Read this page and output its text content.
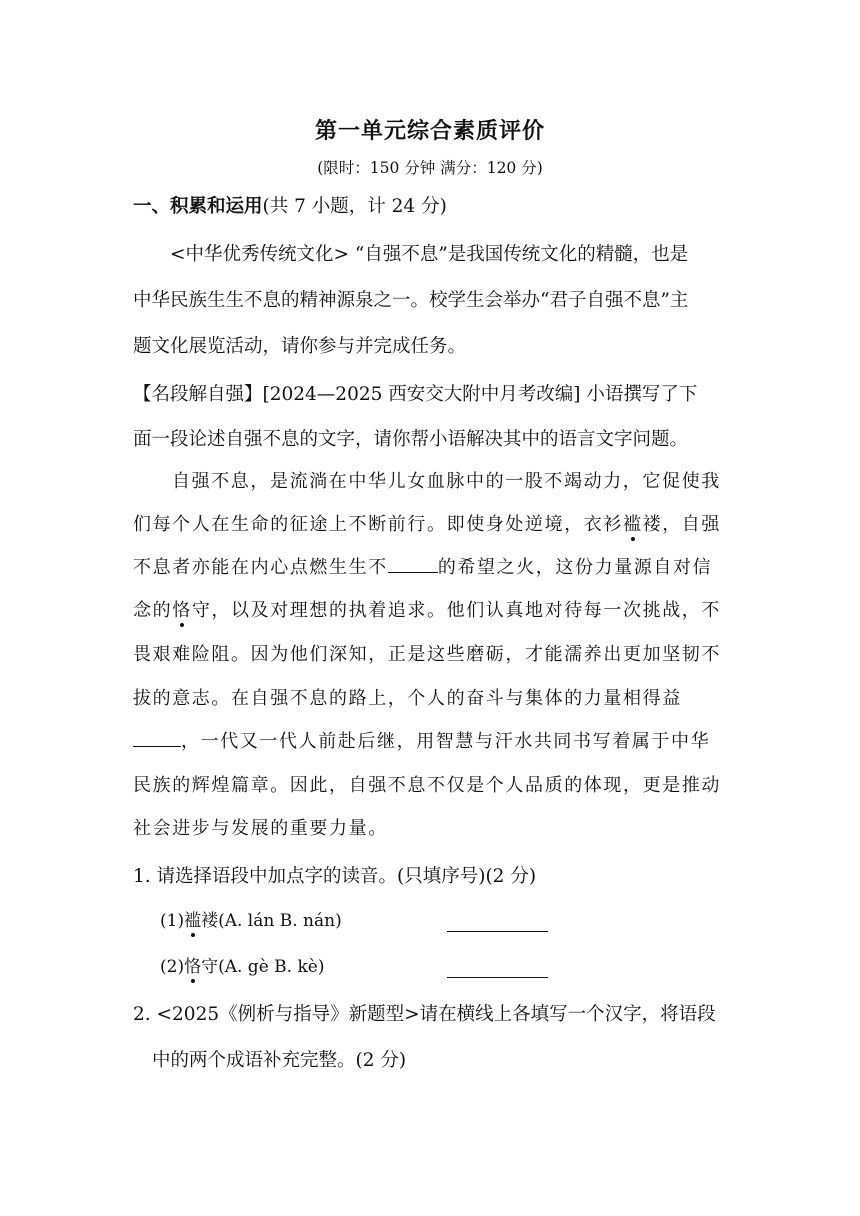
第一单元综合素质评价
(限时：150 分钟 满分：120 分)
一、积累和运用(共 7 小题，计 24 分)
<中华优秀传统文化> “自强不息”是我国传统文化的精髓，也是
中华民族生生不息的精神源泉之一。校学生会举办“君子自强不息”主
题文化展览活动，请你参与并完成任务。
【名段解自强】[2024—2025 西安交大附中月考改编] 小语撰写了下
面一段论述自强不息的文字，请你帮小语解决其中的语言文字问题。
自强不息，是流淌在中华儿女血脉中的一股不竭动力，它促使我
们每个人在生命的征途上不断前行。即使身处逆境，衣衫褴褛，自强
不息者亦能在内心点燃生生不	的希望之火，这份力量源自对信
念的恪守，以及对理想的执着追求。他们认真地对待每一次挑战，不
畏艰难险阻。因为他们深知，正是这些磨砺，才能濡养出更加坚韧不
拔的意志。在自强不息的路上，个人的奋斗与集体的力量相得益
，一代又一代人前赴后继，用智慧与汗水共同书写着属于中华
民族的辉煌篇章。因此，自强不息不仅是个人品质的体现，更是推动
社会进步与发展的重要力量。
1. 请选择语段中加点字的读音。(只填序号)(2 分)
(1)褴褛(A. lán B. nán)
(2)恪守(A. gè B. kè)
2. <2025《例析与指导》新题型>请在横线上各填写一个汉字，将语段
中的两个成语补充完整。(2 分)
